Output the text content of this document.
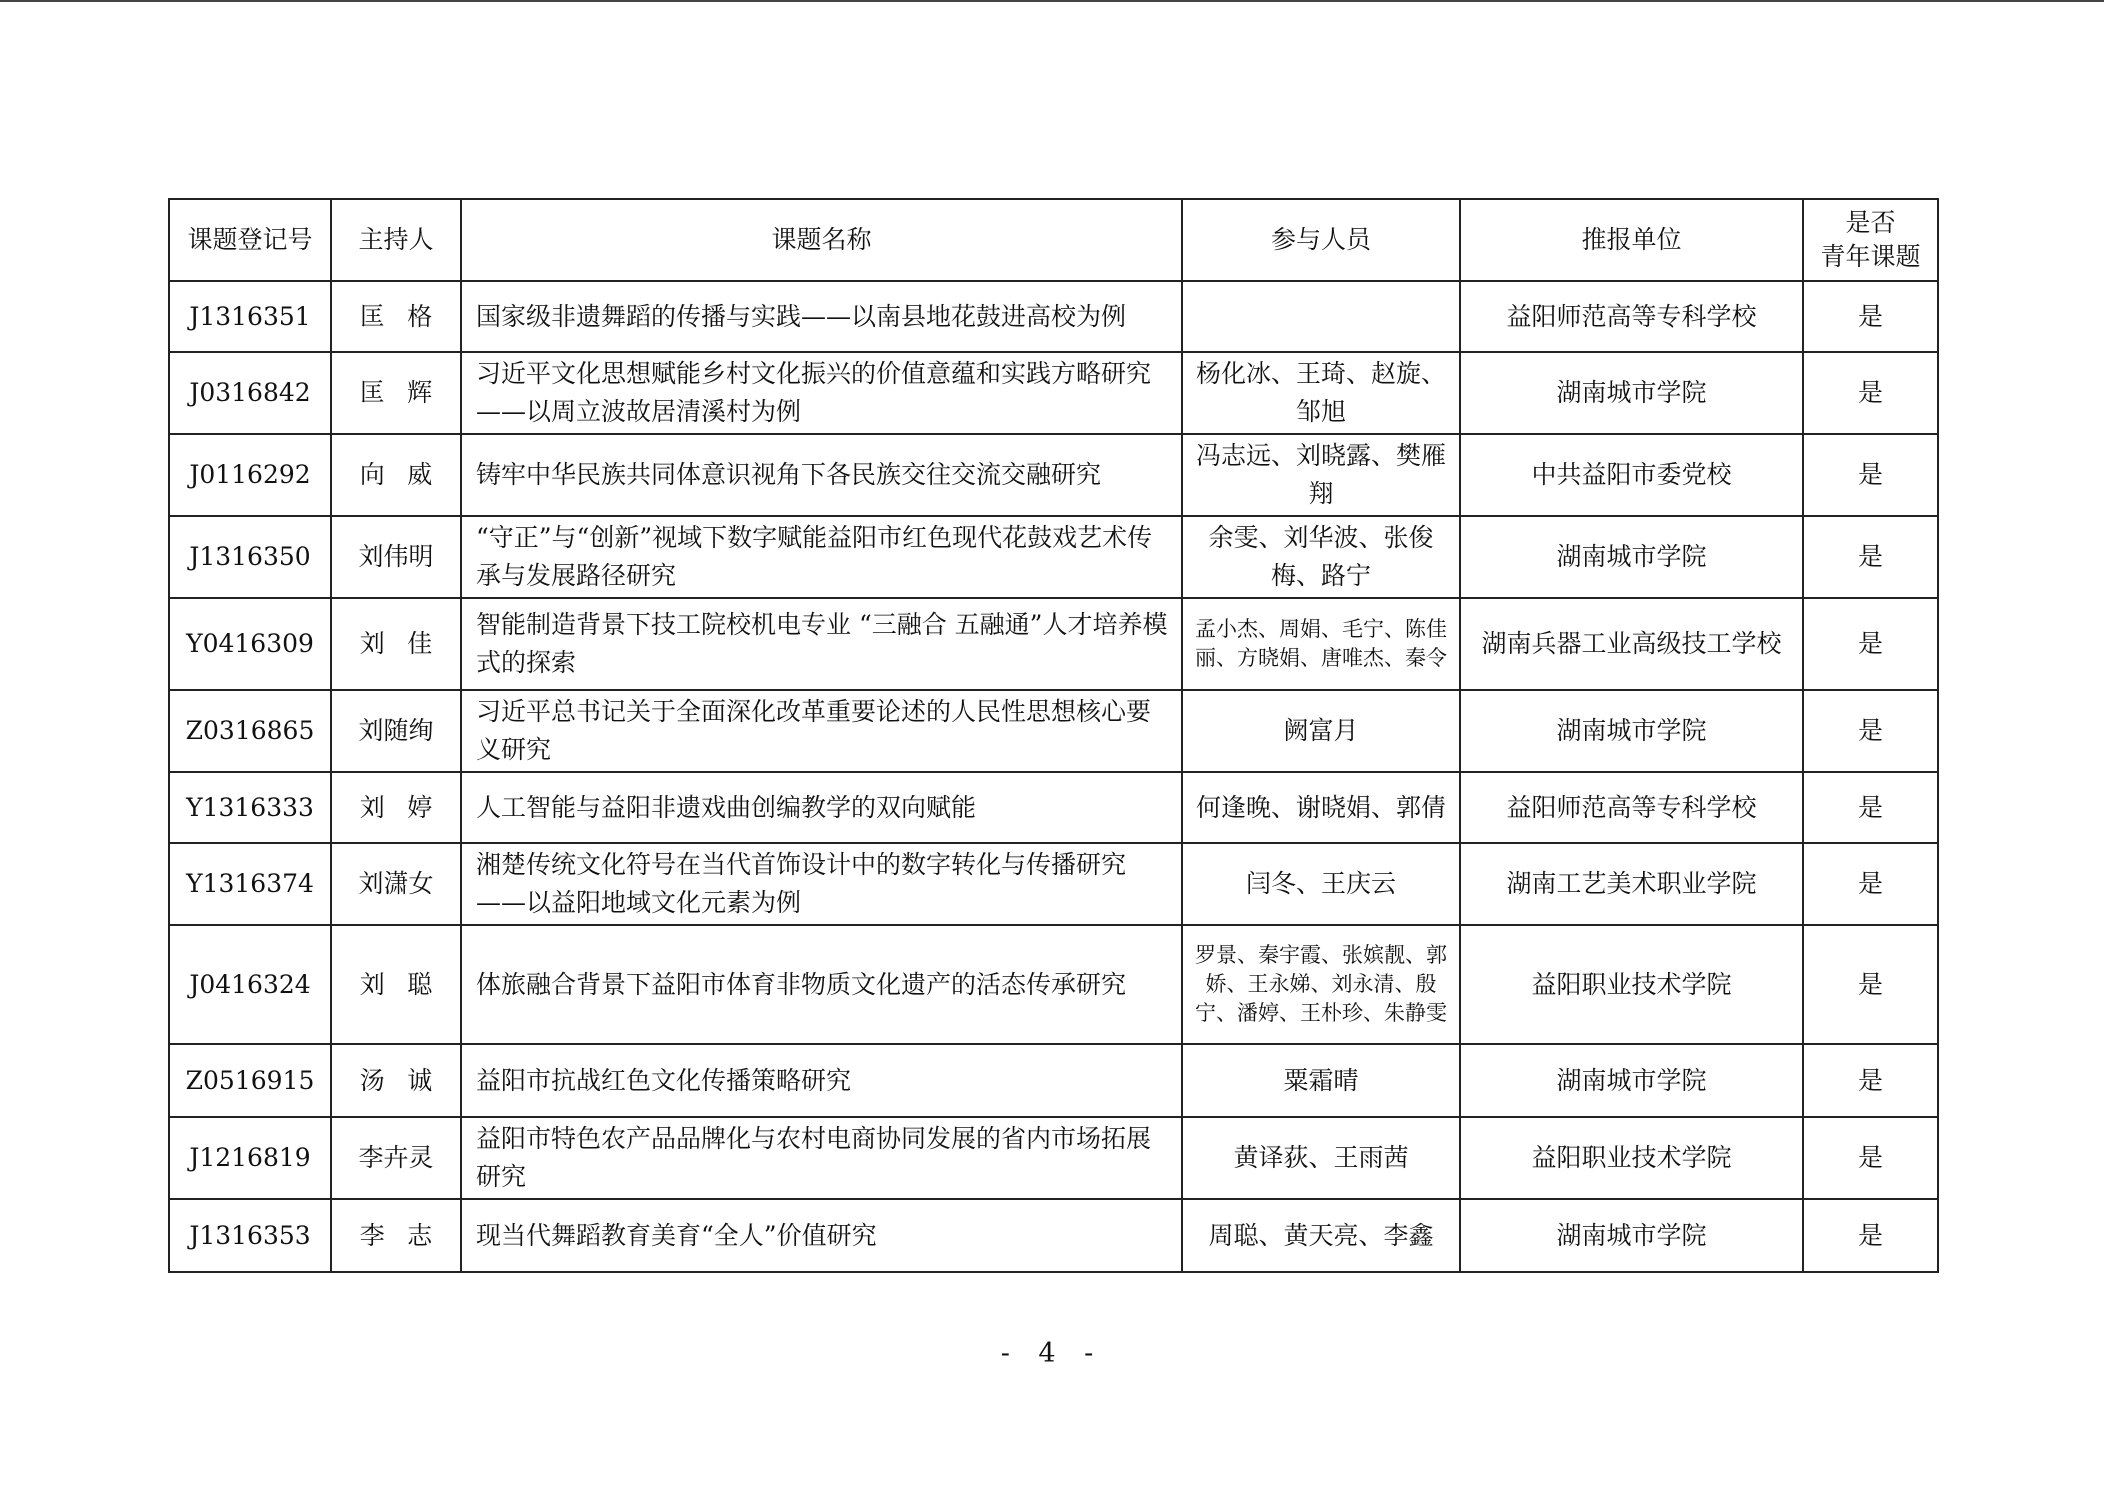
课题登记号	主持人	课题名称	参与人员	推报单位	是否
青年课题

J1316351	匡格	国家级非遗舞蹈的传播与实践——以南县地花鼓进高校为例		益阳师范高等专科学校	是
J0316842	匡辉	习近平文化思想赋能乡村文化振兴的价值意蕴和实践方略研究——以周立波故居清溪村为例	杨化冰、王琦、赵旋、邹旭	湖南城市学院	是
J0116292	向威	铸牢中华民族共同体意识视角下各民族交往交流交融研究	冯志远、刘晓露、樊雁翔	中共益阳市委党校	是
J1316350	刘伟明	“守正”与“创新”视域下数字赋能益阳市红色现代花鼓戏艺术传承与发展路径研究	余雯、刘华波、张俊梅、路宁	湖南城市学院	是
Y0416309	刘佳	智能制造背景下技工院校机电专业 “三融合 五融通”人才培养模式的探索	孟小杰、周娟、毛宁、陈佳丽、方晓娟、唐唯杰、秦令	湖南兵器工业高级技工学校	是
Z0316865	刘随绚	习近平总书记关于全面深化改革重要论述的人民性思想核心要义研究	阙富月	湖南城市学院	是
Y1316333	刘婷	人工智能与益阳非遗戏曲创编教学的双向赋能	何逢晚、谢晓娟、郭倩	益阳师范高等专科学校	是
Y1316374	刘潇女	湘楚传统文化符号在当代首饰设计中的数字转化与传播研究——以益阳地域文化元素为例	闫冬、王庆云	湖南工艺美术职业学院	是
J0416324	刘聪	体旅融合背景下益阳市体育非物质文化遗产的活态传承研究	罗景、秦宇霞、张嫔靓、郭娇、王永娣、刘永清、殷宁、潘婷、王朴珍、朱静雯	益阳职业技术学院	是
Z0516915	汤诚	益阳市抗战红色文化传播策略研究	粟霜晴	湖南城市学院	是
J1216819	李卉灵	益阳市特色农产品品牌化与农村电商协同发展的省内市场拓展研究	黄译荻、王雨茜	益阳职业技术学院	是
J1316353	李志	现当代舞蹈教育美育“全人”价值研究	周聪、黄天亮、李鑫	湖南城市学院	是
- 4 -
